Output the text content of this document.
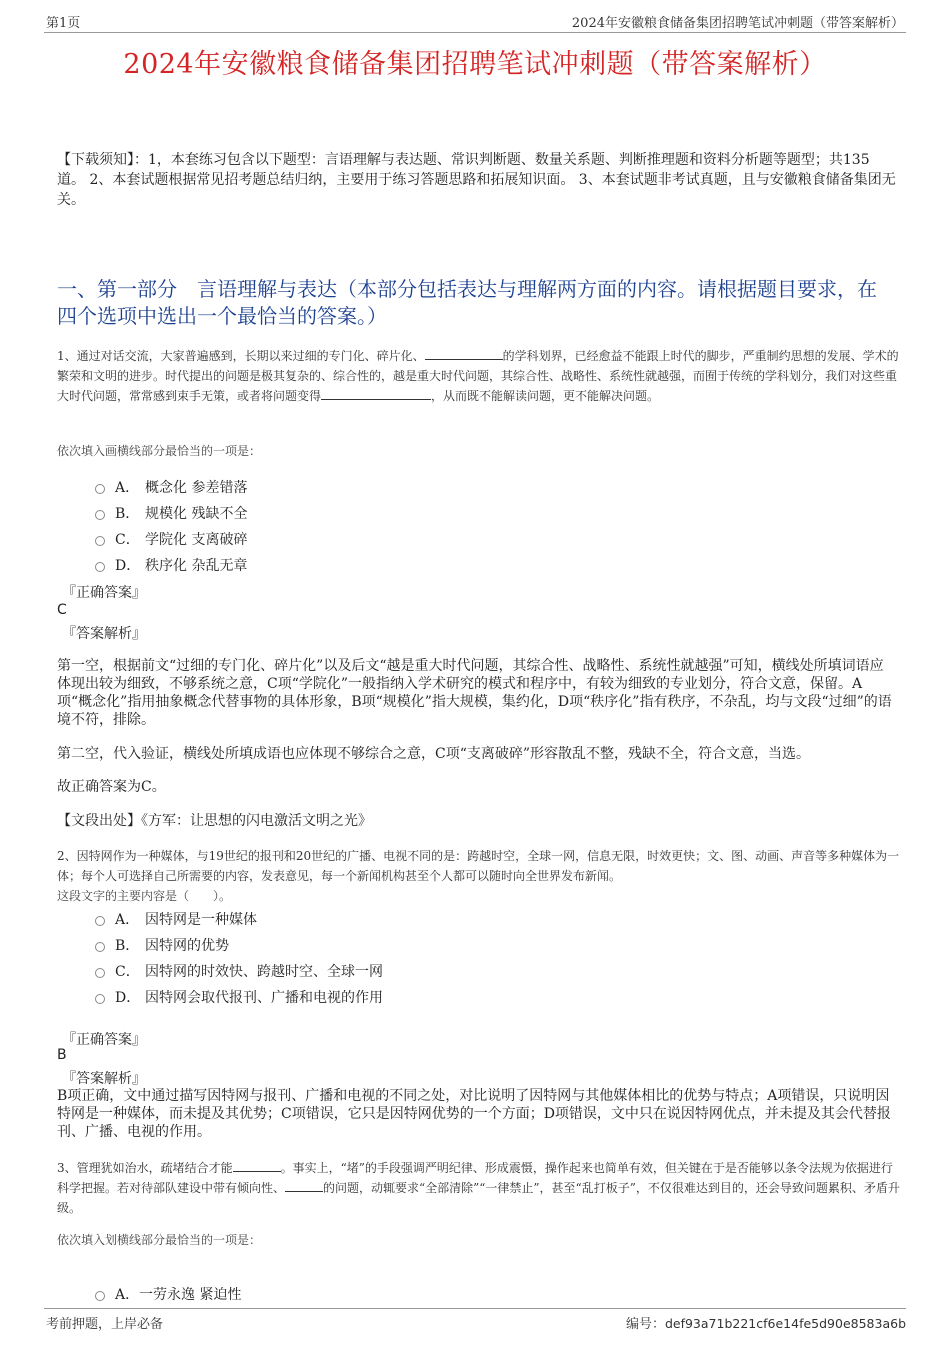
第1页	2024年安徽粮食储备集团招聘笔试冲刺题（带答案解析）
2024年安徽粮食储备集团招聘笔试冲刺题（带答案解析）
【下载须知】：1，本套练习包含以下题型：言语理解与表达题、常识判断题、数量关系题、判断推理题和资料分析题等题型；共135道。 2、本套试题根据常见招考题总结归纳，主要用于练习答题思路和拓展知识面。 3、本套试题非考试真题，且与安徽粮食储备集团无关。
一、第一部分　言语理解与表达（本部分包括表达与理解两方面的内容。请根据题目要求，在四个选项中选出一个最恰当的答案。）
1、通过对话交流，大家普遍感到，长期以来过细的专门化、碎片化、	的学科划界，已经愈益不能跟上时代的脚步，严重制约思想的发展、学术的繁荣和文明的进步。时代提出的问题是极其复杂的、综合性的，越是重大时代问题，其综合性、战略性、系统性就越强，而囿于传统的学科划分，我们对这些重大时代问题，常常感到束手无策，或者将问题变得	，从而既不能解读问题，更不能解决问题。
依次填入画横线部分最恰当的一项是：
A． 概念化 参差错落
B． 规模化 残缺不全
C． 学院化 支离破碎
D． 秩序化 杂乱无章
『正确答案』
C
『答案解析』
第一空，根据前文“过细的专门化、碎片化”以及后文“越是重大时代问题，其综合性、战略性、系统性就越强”可知，横线处所填词语应体现出较为细致，不够系统之意，C项“学院化”一般指纳入学术研究的模式和程序中，有较为细致的专业划分，符合文意，保留。A项“概念化”指用抽象概念代替事物的具体形象，B项“规模化”指大规模，集约化，D项“秩序化”指有秩序，不杂乱，均与文段“过细”的语境不符，排除。
第二空，代入验证，横线处所填成语也应体现不够综合之意，C项“支离破碎”形容散乱不整，残缺不全，符合文意，当选。
故正确答案为C。
【文段出处】《方军：让思想的闪电激活文明之光》
2、因特网作为一种媒体，与19世纪的报刊和20世纪的广播、电视不同的是：跨越时空，全球一网，信息无限，时效更快；文、图、动画、声音等多种媒体为一体；每个人可选择自己所需要的内容，发表意见，每一个新闻机构甚至个人都可以随时向全世界发布新闻。
这段文字的主要内容是（　　）。
A． 因特网是一种媒体
B． 因特网的优势
C． 因特网的时效快、跨越时空、全球一网
D． 因特网会取代报刊、广播和电视的作用
『正确答案』
B
『答案解析』
B项正确，文中通过描写因特网与报刊、广播和电视的不同之处，对比说明了因特网与其他媒体相比的优势与特点；A项错误，只说明因特网是一种媒体，而未提及其优势；C项错误，它只是因特网优势的一个方面；D项错误，文中只在说因特网优点，并未提及其会代替报刊、广播、电视的作用。
3、管理犹如治水，疏堵结合才能	。事实上，“堵”的手段强调严明纪律、形成震慑，操作起来也简单有效，但关键在于是否能够以条令法规为依据进行科学把握。若对待部队建设中带有倾向性、	的问题，动辄要求“全部清除”“一律禁止”，甚至“乱打板子”，不仅很难达到目的，还会导致问题累积、矛盾升级。
依次填入划横线部分最恰当的一项是：
A． 一劳永逸 紧迫性
考前押题，上岸必备	编号：def93a71b221cf6e14fe5d90e8583a6b
